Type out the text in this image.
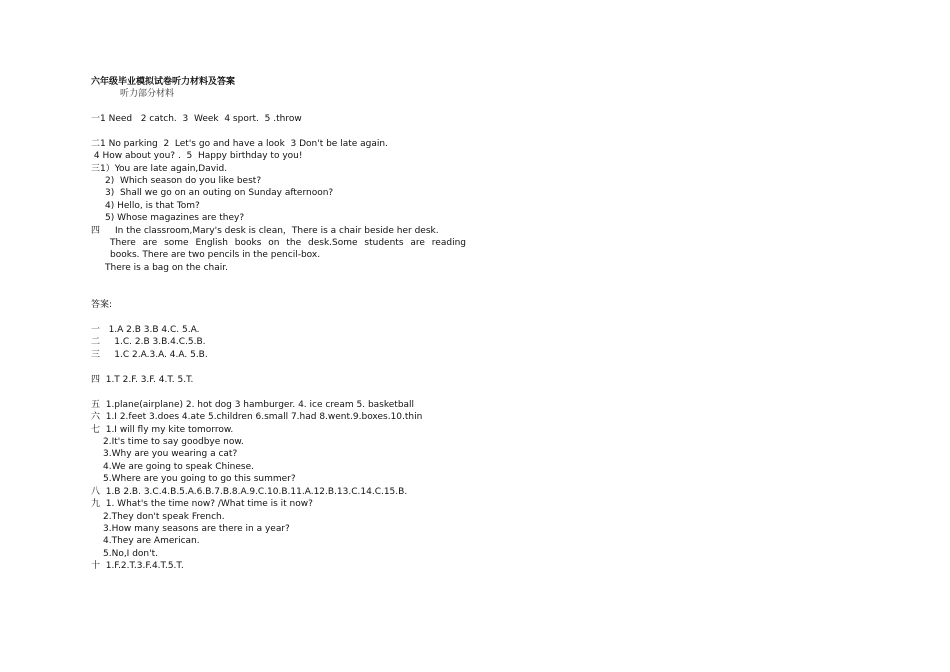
六年级毕业模拟试卷听力材料及答案
听力部分材料
一1 Need   2 catch.  3  Week  4 sport.  5 .throw
二1 No parking  2  Let's go and have a look  3 Don't be late again.
4 How about you? .  5  Happy birthday to you!
三1）You are late again,David.
2)  Which season do you like best?
3)  Shall we go on an outing on Sunday afternoon?
4) Hello, is that Tom?
5) Whose magazines are they?
四 In the classroom,Mary's desk is clean，There is a chair beside her desk.
There are some English books on the desk.Some students are reading
books. There are two pencils in the pencil-box.
There is a bag on the chair.
答案:
一   1.A 2.B 3.B 4.C. 5.A.
二     1.C. 2.B 3.B.4.C.5.B.
三     1.C 2.A.3.A. 4.A. 5.B.
四  1.T 2.F. 3.F. 4.T. 5.T.
五  1.plane(airplane) 2. hot dog 3 hamburger. 4. ice cream 5. basketball
六  1.I 2.feet 3.does 4.ate 5.children 6.small 7.had 8.went.9.boxes.10.thin
七  1.I will fly my kite tomorrow.
2.It's time to say goodbye now.
3.Why are you wearing a cat?
4.We are going to speak Chinese.
5.Where are you going to go this summer?
八  1.B 2.B. 3.C.4.B.5.A.6.B.7.B.8.A.9.C.10.B.11.A.12.B.13.C.14.C.15.B.
九  1. What's the time now? /What time is it now?
2.They don't speak French.
3.How many seasons are there in a year?
4.They are American.
5.No,I don't.
十  1.F.2.T.3.F.4.T.5.T.
